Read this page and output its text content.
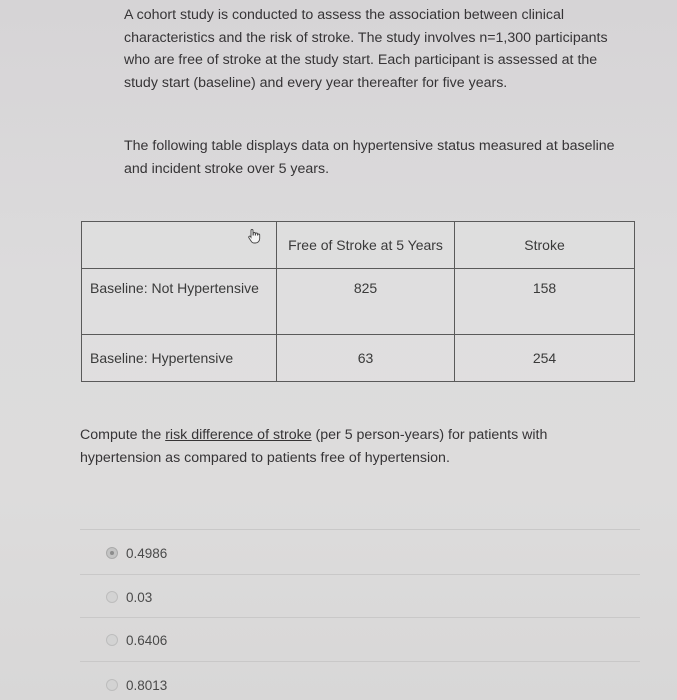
A cohort study is conducted to assess the association between clinical characteristics and the risk of stroke. The study involves n=1,300 participants who are free of stroke at the study start. Each participant is assessed at the study start (baseline) and every year thereafter for five years.

The following table displays data on hypertensive status measured at baseline and incident stroke over 5 years.
	Free of Stroke at 5 Years	Stroke
Baseline: Not Hypertensive	825	158
Baseline: Hypertensive	63	254
Compute the risk difference of stroke (per 5 person-years) for patients with hypertension as compared to patients free of hypertension.
0.4986
0.03
0.6406
0.8013
